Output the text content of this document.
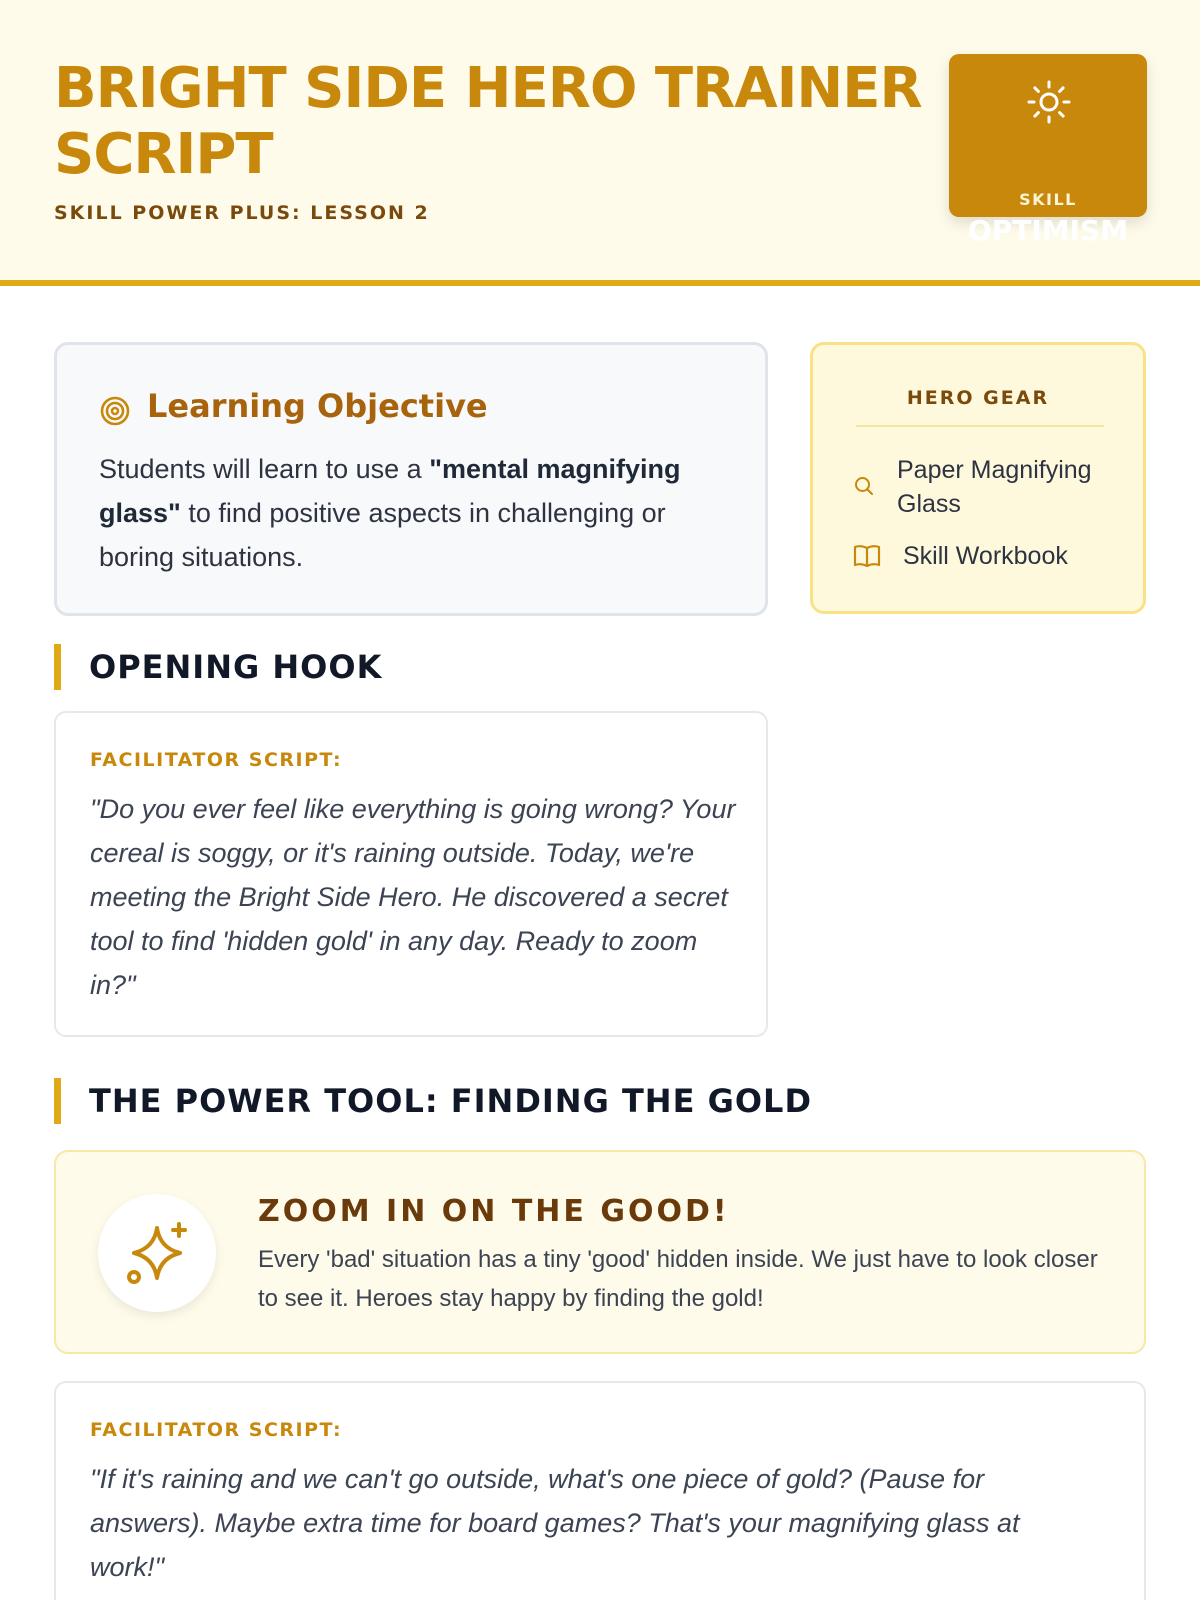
BRIGHT SIDE HERO TRAINER SCRIPT
SKILL POWER PLUS: LESSON 2
SKILL
OPTIMISM
Learning Objective
Students will learn to use a "mental magnifying glass" to find positive aspects in challenging or boring situations.
HERO GEAR
Paper Magnifying Glass
Skill Workbook
OPENING HOOK
FACILITATOR SCRIPT:
"Do you ever feel like everything is going wrong? Your cereal is soggy, or it's raining outside. Today, we're meeting the Bright Side Hero. He discovered a secret tool to find 'hidden gold' in any day. Ready to zoom in?"
THE POWER TOOL: FINDING THE GOLD
ZOOM IN ON THE GOOD!
Every 'bad' situation has a tiny 'good' hidden inside. We just have to look closer to see it. Heroes stay happy by finding the gold!
FACILITATOR SCRIPT:
"If it's raining and we can't go outside, what's one piece of gold? (Pause for answers). Maybe extra time for board games? That's your magnifying glass at work!"
